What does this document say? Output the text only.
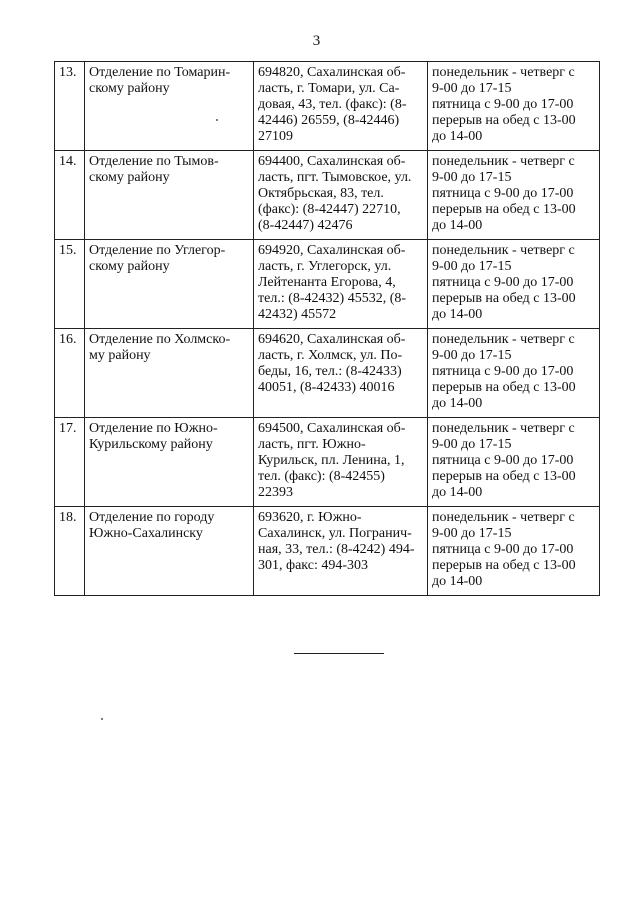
3
13.	Отделение по Томарин-
скому району	694820, Сахалинская об-
ласть, г. Томари, ул. Са-
довая, 43, тел. (факс): (8-
42446) 26559, (8-42446)
27109	понедельник - четверг с
9-00 до 17-15
пятница с 9-00 до 17-00
перерыв на обед с 13-00
до 14-00

14.	Отделение по Тымов-
скому району	694400, Сахалинская об-
ласть, пгт. Тымовское, ул.
Октябрьская, 83, тел.
(факс): (8-42447) 22710,
(8-42447) 42476	понедельник - четверг с
9-00 до 17-15
пятница с 9-00 до 17-00
перерыв на обед с 13-00
до 14-00

15.	Отделение по Углегор-
скому району	694920, Сахалинская об-
ласть, г. Углегорск, ул.
Лейтенанта Егорова, 4,
тел.: (8-42432) 45532, (8-
42432) 45572	понедельник - четверг с
9-00 до 17-15
пятница с 9-00 до 17-00
перерыв на обед с 13-00
до 14-00

16.	Отделение по Холмско-
му району	694620, Сахалинская об-
ласть, г. Холмск, ул. По-
беды, 16, тел.: (8-42433)
40051, (8-42433) 40016	понедельник - четверг с
9-00 до 17-15
пятница с 9-00 до 17-00
перерыв на обед с 13-00
до 14-00

17.	Отделение по Южно-
Курильскому району	694500, Сахалинская об-
ласть, пгт. Южно-
Курильск, пл. Ленина, 1,
тел. (факс): (8-42455)
22393	понедельник - четверг с
9-00 до 17-15
пятница с 9-00 до 17-00
перерыв на обед с 13-00
до 14-00

18.	Отделение по городу
Южно-Сахалинску	693620, г. Южно-
Сахалинск, ул. Погранич-
ная, 33, тел.: (8-4242) 494-
301, факс: 494-303	понедельник - четверг с
9-00 до 17-15
пятница с 9-00 до 17-00
перерыв на обед с 13-00
до 14-00
